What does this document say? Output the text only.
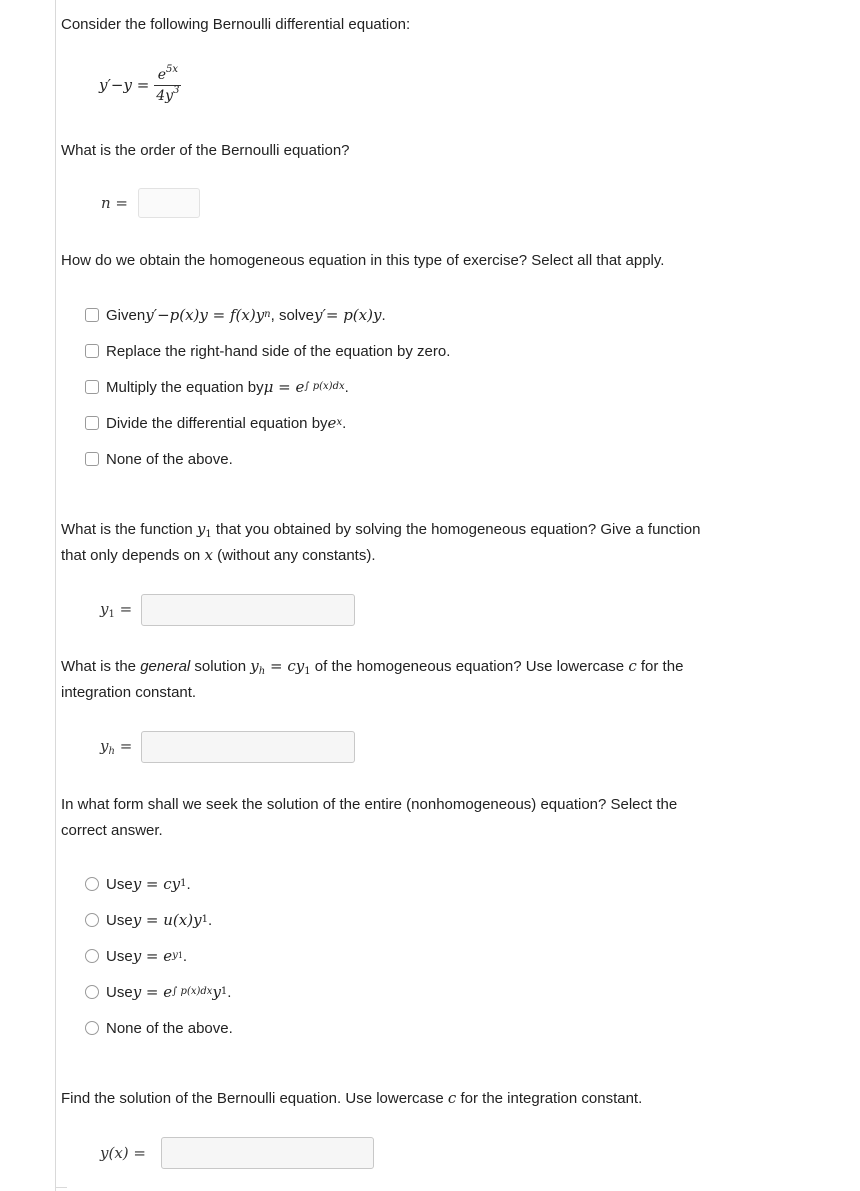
Consider the following Bernoulli differential equation:
$y'-y = \frac{e^{5x}}{4y^3}$
What is the order of the Bernoulli equation?
n =
How do we obtain the homogeneous equation in this type of exercise? Select all that apply.
Given y′−p(x)y = f(x)y n , solve y′= p(x)y .
Replace the right-hand side of the equation by zero.
Multiply the equation by μ = e ∫ p(x)dx .
Divide the differential equation by e x .
None of the above.
What is the function $y_1$ that you obtained by solving the homogeneous equation? Give a function
that only depends on x (without any constants).
$y_1$ =
What is the general solution $y_h = cy_1$ of the homogeneous equation? Use lowercase c for the
integration constant.
$y_h$ =
In what form shall we seek the solution of the entire (nonhomogeneous) equation? Select the
correct answer.
Use y = cy 1 .
Use y = u(x)y 1 .
Use y = e y1 .
Use y = e ∫ p(x)dx y 1 .
None of the above.
Find the solution of the Bernoulli equation. Use lowercase c for the integration constant.
y(x) =
